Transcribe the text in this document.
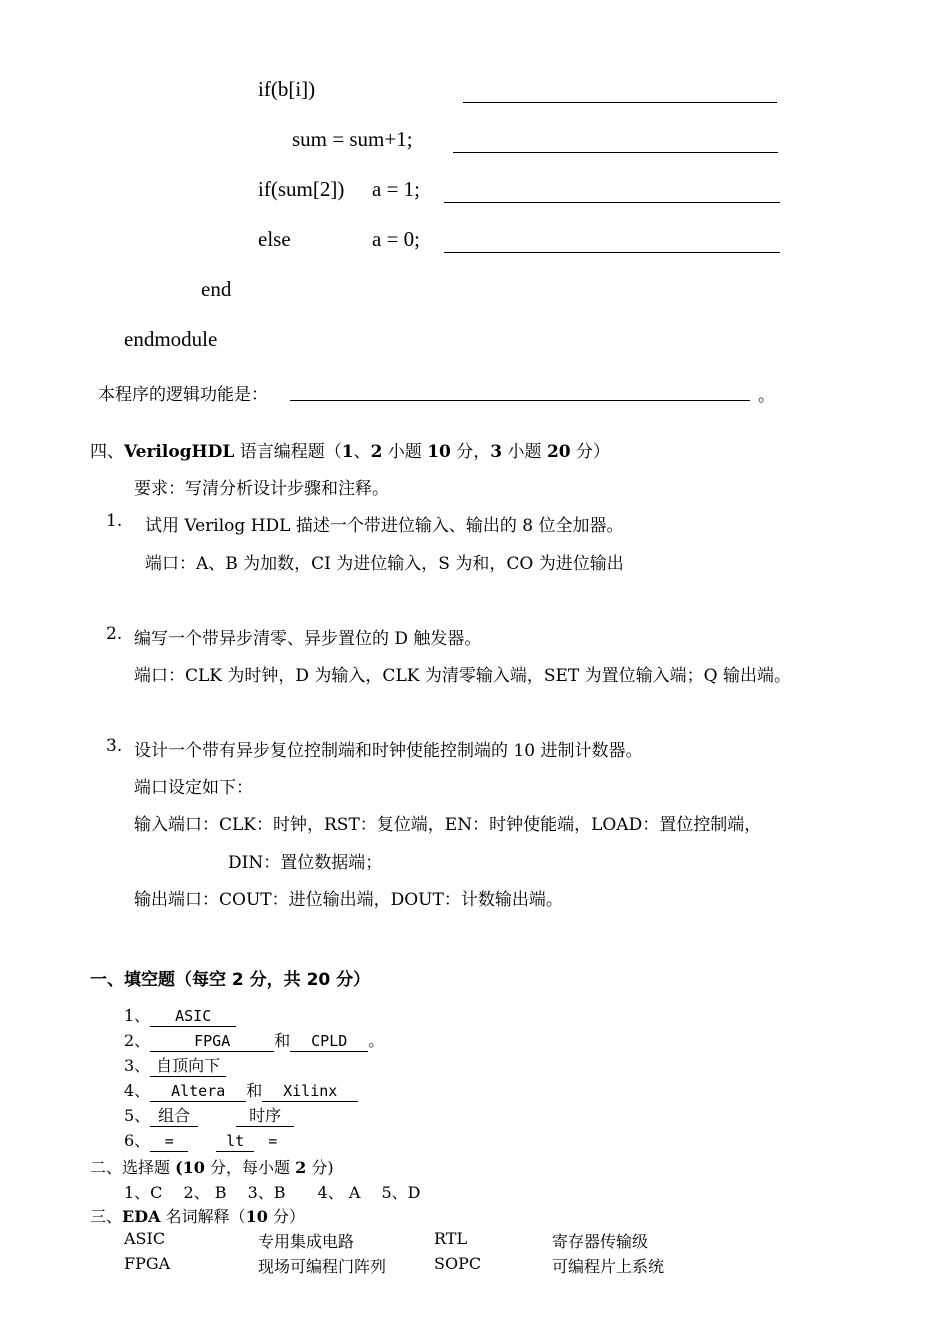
if(b[i])
sum = sum+1;
if(sum[2]) a = 1;
else	a = 0;
end
endmodule
本程序的逻辑功能是：	。
四、VerilogHDL 语言编程题（1、2 小题 10 分，3 小题 20 分）
要求：写清分析设计步骤和注释。
1. 试用 Verilog HDL 描述一个带进位输入、输出的 8 位全加器。
端口：A、B 为加数，CI 为进位输入，S 为和，CO 为进位输出
2. 编写一个带异步清零、异步置位的 D 触发器。
端口：CLK 为时钟，D 为输入，CLK 为清零输入端，SET 为置位输入端；Q 输出端。
3. 设计一个带有异步复位控制端和时钟使能控制端的 10 进制计数器。
端口设定如下：
输入端口：CLK：时钟，RST：复位端，EN：时钟使能端，LOAD：置位控制端，
DIN：置位数据端；
输出端口：COUT：进位输出端，DOUT：计数输出端。
一、填空题（每空 2 分，共 20 分）
1、 ASIC
2、	FPGA	和 CPLD 。
3、 自顶向下
4、 Altera 和 Xilinx
5、 组合	时序
6、 =	lt =
二、选择题 (10 分，每小题 2 分)
1、C　 2、 B　 3、B　　4、 A　 5、D
三、EDA 名词解释（10 分）
ASIC	专用集成电路	RTL	寄存器传输级
FPGA	现场可编程门阵列	SOPC	可编程片上系统
